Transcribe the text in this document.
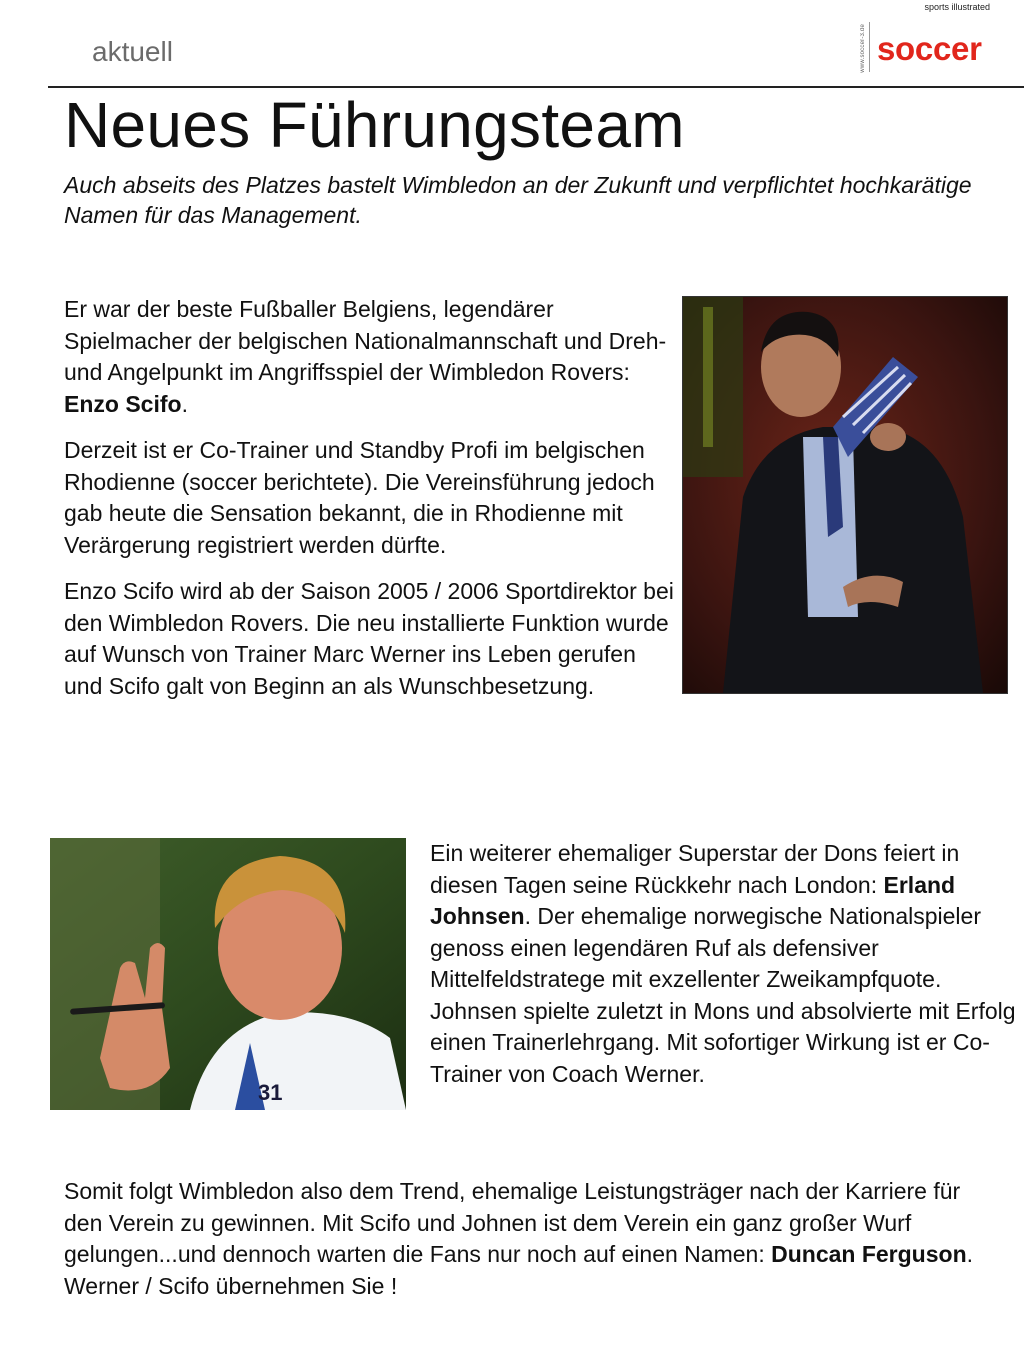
sports illustrated
aktuell	www.soccer-3.de soccer
Neues Führungsteam
Auch abseits des Platzes bastelt Wimbledon an der Zukunft und verpflichtet hochkarätige Namen für das Management.

Er war der beste Fußballer Belgiens, legendärer Spielmacher der belgischen Nationalmannschaft und Dreh- und Angelpunkt im Angriffsspiel der Wimbledon Rovers: Enzo Scifo.

Derzeit ist er Co-Trainer und Standby Profi im belgischen Rhodienne (soccer berichtete). Die Vereinsführung jedoch gab heute die Sensation bekannt, die in Rhodienne mit Verärgerung registriert werden dürfte.

Enzo Scifo wird ab der Saison 2005 / 2006 Sportdirektor bei den Wimbledon Rovers. Die neu installierte Funktion wurde auf Wunsch von Trainer Marc Werner ins Leben gerufen und Scifo galt von Beginn an als Wunschbesetzung.

31

Ein weiterer ehemaliger Superstar der Dons feiert in diesen Tagen seine Rückkehr nach London: Erland Johnsen. Der ehemalige norwegische Nationalspieler genoss einen legendären Ruf als defensiver Mittelfeldstratege mit exzellenter Zweikampfquote. Johnsen spielte zuletzt in Mons und absolvierte mit Erfolg einen Trainerlehrgang. Mit sofortiger Wirkung ist er Co-Trainer von Coach Werner.

Somit folgt Wimbledon also dem Trend, ehemalige Leistungsträger nach der Karriere für den Verein zu gewinnen. Mit Scifo und Johnen ist dem Verein ein ganz großer Wurf gelungen...und dennoch warten die Fans nur noch auf einen Namen: Duncan Ferguson. Werner / Scifo übernehmen Sie !
